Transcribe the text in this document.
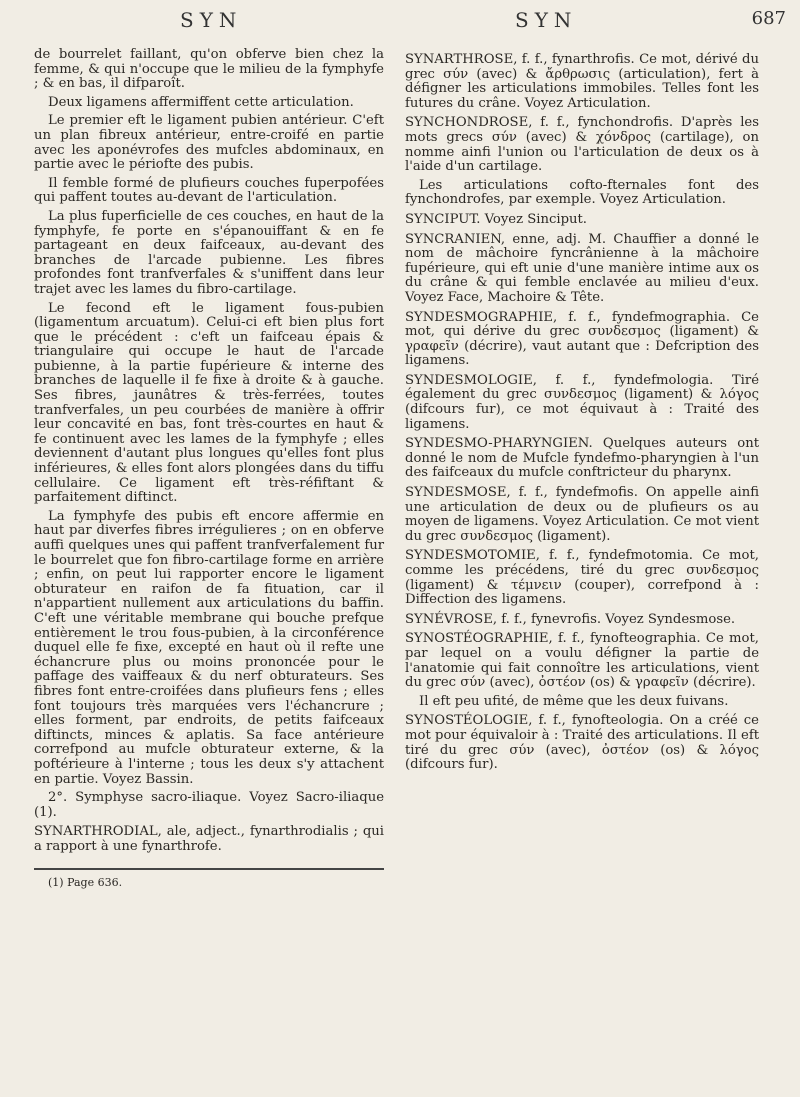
SYN	SYN	687

de bourrelet faillant, qu'on obferve bien chez la femme, & qui n'occupe que le milieu de la fymphyfe ; & en bas, il difparoît.

Deux ligamens affermiffent cette articulation.

Le premier eft le ligament pubien antérieur. C'eft un plan fibreux antérieur, entre-croifé en partie avec les aponévrofes des mufcles abdominaux, en partie avec le périofte des pubis.

Il femble formé de plufieurs couches fuperpofées qui paffent toutes au-devant de l'articulation.

La plus fuperficielle de ces couches, en haut de la fymphyfe, fe porte en s'épanouiffant & en fe partageant en deux faifceaux, au-devant des branches de l'arcade pubienne. Les fibres profondes font tranfverfales & s'uniffent dans leur trajet avec les lames du fibro-cartilage.

Le fecond eft le ligament fous-pubien (ligamentum arcuatum). Celui-ci eft bien plus fort que le précédent : c'eft un faifceau épais & triangulaire qui occupe le haut de l'arcade pubienne, à la partie fupérieure & interne des branches de laquelle il fe fixe à droite & à gauche. Ses fibres, jaunâtres & très-ferrées, toutes tranfverfales, un peu courbées de manière à offrir leur concavité en bas, font très-courtes en haut & fe continuent avec les lames de la fymphyfe ; elles deviennent d'autant plus longues qu'elles font plus inférieures, & elles font alors plongées dans du tiffu cellulaire. Ce ligament eft très-réfiftant & parfaitement diftinct.

La fymphyfe des pubis eft encore affermie en haut par diverfes fibres irrégulieres ; on en obferve auffi quelques unes qui paffent tranfverfalement fur le bourrelet que fon fibro-cartilage forme en arrière ; enfin, on peut lui rapporter encore le ligament obturateur en raifon de fa fituation, car il n'appartient nullement aux articulations du baffin. C'eft une véritable membrane qui bouche prefque entièrement le trou fous-pubien, à la circonférence duquel elle fe fixe, excepté en haut où il refte une échancrure plus ou moins prononcée pour le paffage des vaiffeaux & du nerf obturateurs. Ses fibres font entre-croifées dans plufieurs fens ; elles font toujours très marquées vers l'échancrure ; elles forment, par endroits, de petits faifceaux diftincts, minces & aplatis. Sa face antérieure correfpond au mufcle obturateur externe, & la poftérieure à l'interne ; tous les deux s'y attachent en partie. Voyez Bassin.

2°. Symphyse sacro-iliaque. Voyez Sacro-iliaque (1).

SYNARTHRODIAL, ale, adject., fynarthrodialis ; qui a rapport à une fynarthrofe.

(1) Page 636.

SYNARTHROSE, f. f., fynarthrofis. Ce mot, dérivé du grec σύν (avec) & ἄρθρωσις (articulation), fert à défigner les articulations immobiles. Telles font les futures du crâne. Voyez Articulation.

SYNCHONDROSE, f. f., fynchondrofis. D'après les mots grecs σύν (avec) & χόνδρος (cartilage), on nomme ainfi l'union ou l'articulation de deux os à l'aide d'un cartilage.

Les articulations cofto-fternales font des fynchondrofes, par exemple. Voyez Articulation.

SYNCIPUT. Voyez Sinciput.

SYNCRANIEN, enne, adj. M. Chauffier a donné le nom de mâchoire fyncrânienne à la mâchoire fupérieure, qui eft unie d'une manière intime aux os du crâne & qui femble enclavée au milieu d'eux. Voyez Face, Machoire & Tête.

SYNDESMOGRAPHIE, f. f., fyndefmographia. Ce mot, qui dérive du grec συνδεσμος (ligament) & γραφεῖν (décrire), vaut autant que : Defcription des ligamens.

SYNDESMOLOGIE, f. f., fyndefmologia. Tiré également du grec συνδεσμος (ligament) & λόγος (difcours fur), ce mot équivaut à : Traité des ligamens.

SYNDESMO-PHARYNGIEN. Quelques auteurs ont donné le nom de Mufcle fyndefmo-pharyngien à l'un des faifceaux du mufcle conftricteur du pharynx.

SYNDESMOSE, f. f., fyndefmofis. On appelle ainfi une articulation de deux ou de plufieurs os au moyen de ligamens. Voyez Articulation. Ce mot vient du grec συνδεσμος (ligament).

SYNDESMOTOMIE, f. f., fyndefmotomia. Ce mot, comme les précédens, tiré du grec συνδεσμος (ligament) & τέμνειν (couper), correfpond à : Diffection des ligamens.

SYNÉVROSE, f. f., fynevrofis. Voyez Syndesmose.

SYNOSTÉOGRAPHIE, f. f., fynofteographia. Ce mot, par lequel on a voulu défigner la partie de l'anatomie qui fait connoître les articulations, vient du grec σύν (avec), ὀστέον (os) & γραφεῖν (décrire).

Il eft peu ufité, de même que les deux fuivans.

SYNOSTÉOLOGIE, f. f., fynofteologia. On a créé ce mot pour équivaloir à : Traité des articulations. Il eft tiré du grec σύν (avec), ὀστέον (os) & λόγος (difcours fur).
